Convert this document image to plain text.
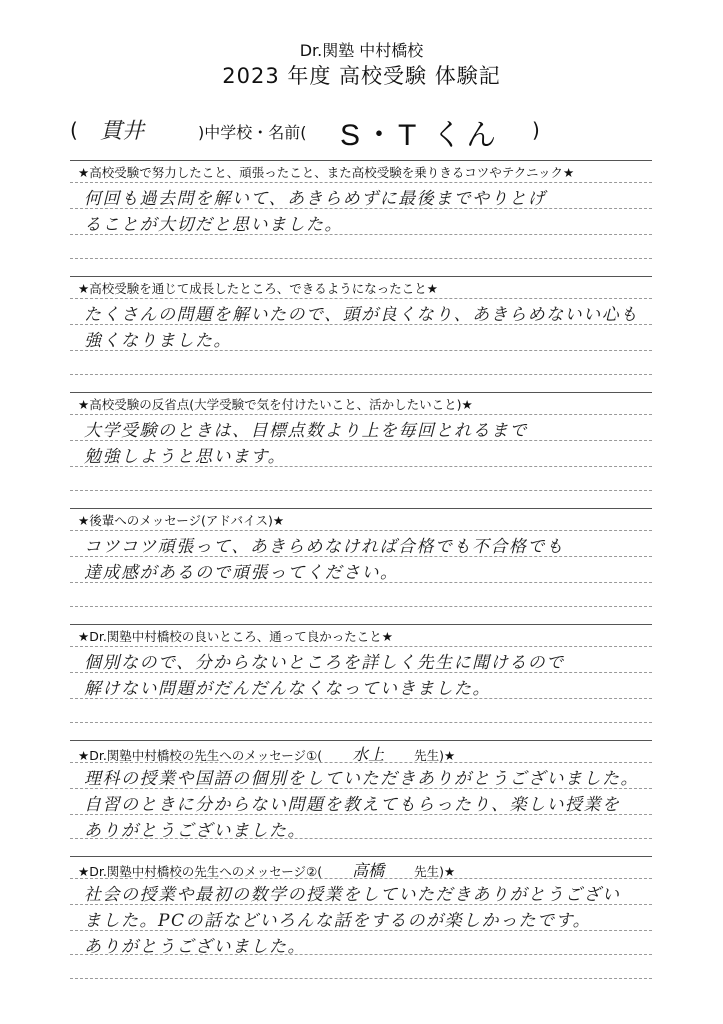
Dr.関塾 中村橋校
2023 年度 高校受験 体験記
( 貫井	)中学校・名前( S・T くん )
★高校受験で努力したこと、頑張ったこと、また高校受験を乗りきるコツやテクニック★
何回も過去問を解いて、あきらめずに最後までやりとげ
ることが大切だと思いました。
★高校受験を通じて成長したところ、できるようになったこと★
たくさんの問題を解いたので、頭が良くなり、あきらめないい心も
強くなりました。
★高校受験の反省点(大学受験で気を付けたいこと、活かしたいこと)★
大学受験のときは、目標点数より上を毎回とれるまで
勉強しようと思います。
★後輩へのメッセージ(アドバイス)★
コツコツ頑張って、あきらめなければ合格でも不合格でも
達成感があるので頑張ってください。
★Dr.関塾中村橋校の良いところ、通って良かったこと★
個別なので、分からないところを詳しく先生に聞けるので
解けない問題がだんだんなくなっていきました。
★Dr.関塾中村橋校の先生へのメッセージ①( 水上 先生)★
理科の授業や国語の個別をしていただきありがとうございました。
自習のときに分からない問題を教えてもらったり、楽しい授業を
ありがとうございました。
★Dr.関塾中村橋校の先生へのメッセージ②( 高橋 先生)★
社会の授業や最初の数学の授業をしていただきありがとうござい
ました。PCの話などいろんな話をするのが楽しかったです。
ありがとうございました。
